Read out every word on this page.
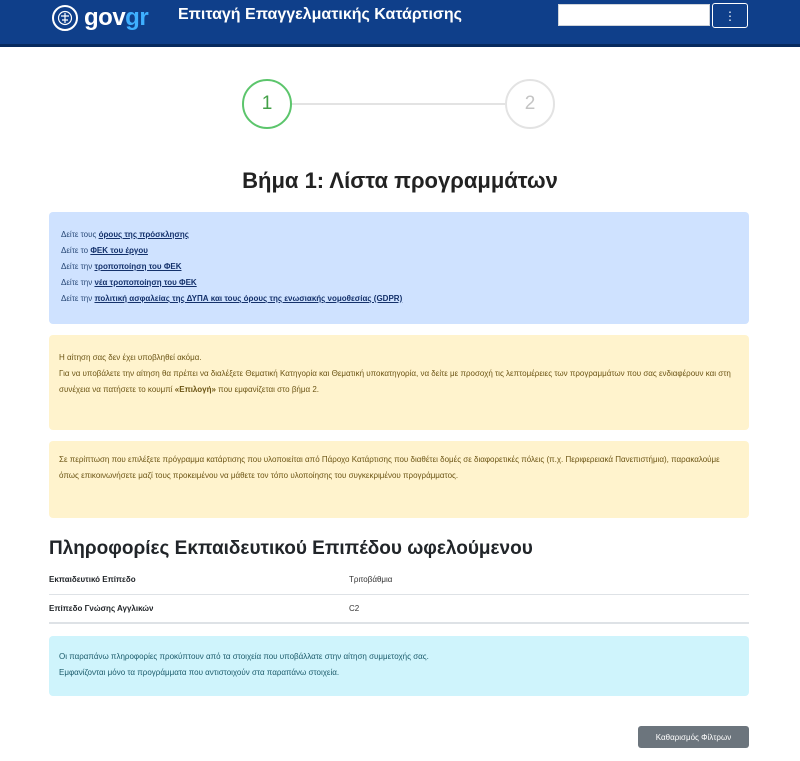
govgr Επιταγή Επαγγελματικής Κατάρτισης	⋮
1	2
Βήμα 1: Λίστα προγραμμάτων
Δείτε τους όρους της πρόσκλησης
Δείτε το ΦΕΚ του έργου
Δείτε την τροποποίηση του ΦΕΚ
Δείτε την νέα τροποποίηση του ΦΕΚ
Δείτε την πολιτική ασφαλείας της ΔΥΠΑ και τους όρους της ενωσιακής νομοθεσίας (GDPR)
Η αίτηση σας δεν έχει υποβληθεί ακόμα.
Για να υποβάλετε την αίτηση θα πρέπει να διαλέξετε Θεματική Κατηγορία και Θεματική υποκατηγορία, να δείτε με προσοχή τις λεπτομέρειες των προγραμμάτων που σας ενδιαφέρουν και στη συνέχεια να πατήσετε το κουμπί «Επιλογή» που εμφανίζεται στο βήμα 2.
Σε περίπτωση που επιλέξετε πρόγραμμα κατάρτισης που υλοποιείται από Πάροχο Κατάρτισης που διαθέτει δομές σε διαφορετικές πόλεις (π.χ. Περιφερειακά Πανεπιστήμια), παρακαλούμε όπως επικοινωνήσετε μαζί τους προκειμένου να μάθετε τον τόπο υλοποίησης του συγκεκριμένου προγράμματος.
Πληροφορίες Εκπαιδευτικού Επιπέδου ωφελούμενου
Εκπαιδευτικό Επίπεδο	Τριτοβάθμια
Επίπεδο Γνώσης Αγγλικών	C2
Οι παραπάνω πληροφορίες προκύπτουν από τα στοιχεία που υποβάλλατε στην αίτηση συμμετοχής σας.
Εμφανίζονται μόνο τα προγράμματα που αντιστοιχούν στα παραπάνω στοιχεία.
Καθαρισμός Φίλτρων
